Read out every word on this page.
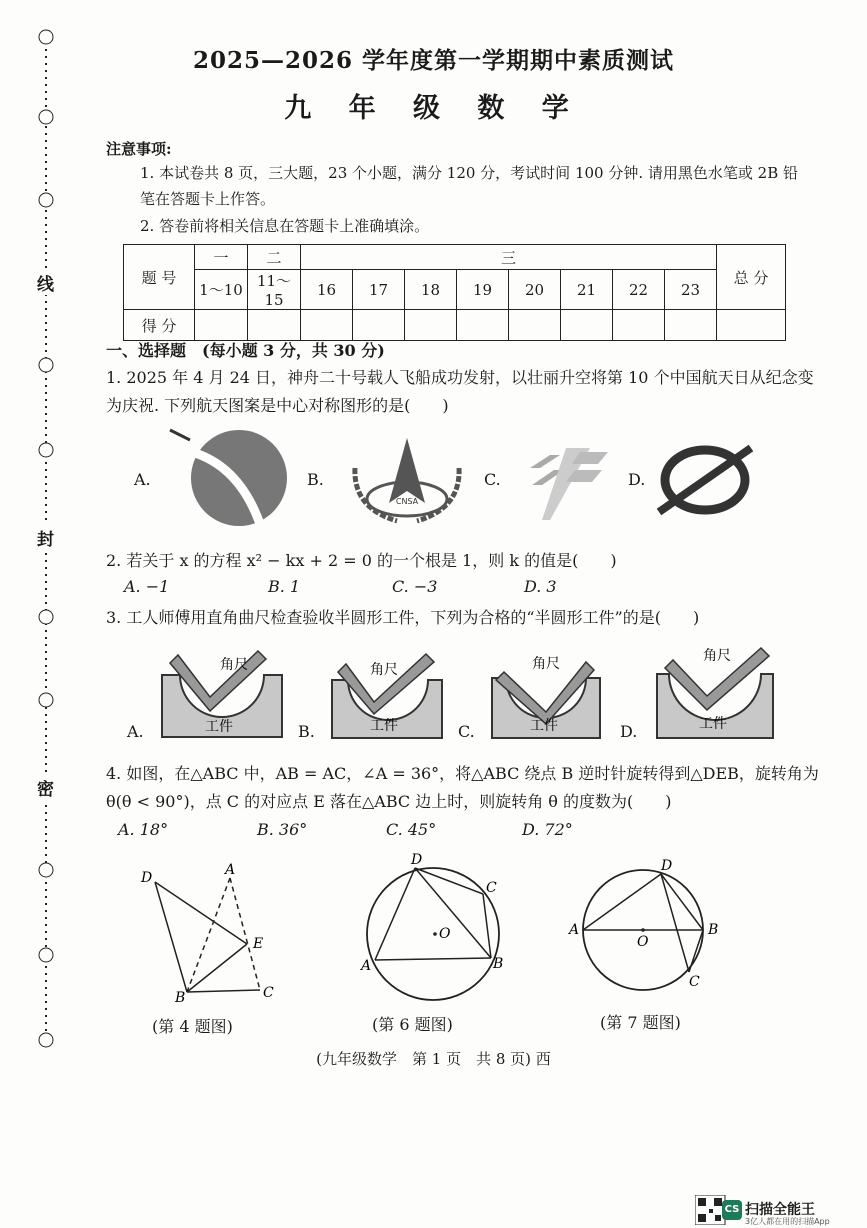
线
封
密
2025—2026 学年度第一学期期中素质测试
九 年 级 数 学
注意事项:
1. 本试卷共 8 页，三大题，23 个小题，满分 120 分，考试时间 100 分钟. 请用黑色水笔或 2B 铅笔在答题卡上作答。
2. 答卷前将相关信息在答题卡上准确填涂。
题 号	一	二	三								总 分
	1～10	11～15	16	17	18	19	20	21	22	23	
得 分											
一、选择题　(每小题 3 分，共 30 分)
1. 2025 年 4 月 24 日，神舟二十号载人飞船成功发射，以壮丽升空将第 10 个中国航天日从纪念变为庆祝. 下列航天图案是中心对称图形的是(　　)
A.	B.	C.	D.
CNSA
2. 若关于 x 的方程 x² − kx + 2 = 0 的一个根是 1，则 k 的值是(　　)
A. −1	B. 1	C. −3	D. 3
3. 工人师傅用直角曲尺检查验收半圆形工件，下列为合格的“半圆形工件”的是(　　)
A.	B.	C.	D.
角尺
工件
角尺
工件
角尺
工件
角尺
工件
4. 如图，在△ABC 中，AB = AC，∠A = 36°，将△ABC 绕点 B 逆时针旋转得到△DEB，旋转角为 θ(θ < 90°)，点 C 的对应点 E 落在△ABC 边上时，则旋转角 θ 的度数为(　　)
A. 18°	B. 36°	C. 45°	D. 72°
D	A
E
B	C
(第 4 题图)
D
C
O
A	B
(第 6 题图)
D
A
O
B
C
(第 7 题图)
(九年级数学　第 1 页　共 8 页) 西
CS 扫描全能王
3亿人都在用的扫描App
